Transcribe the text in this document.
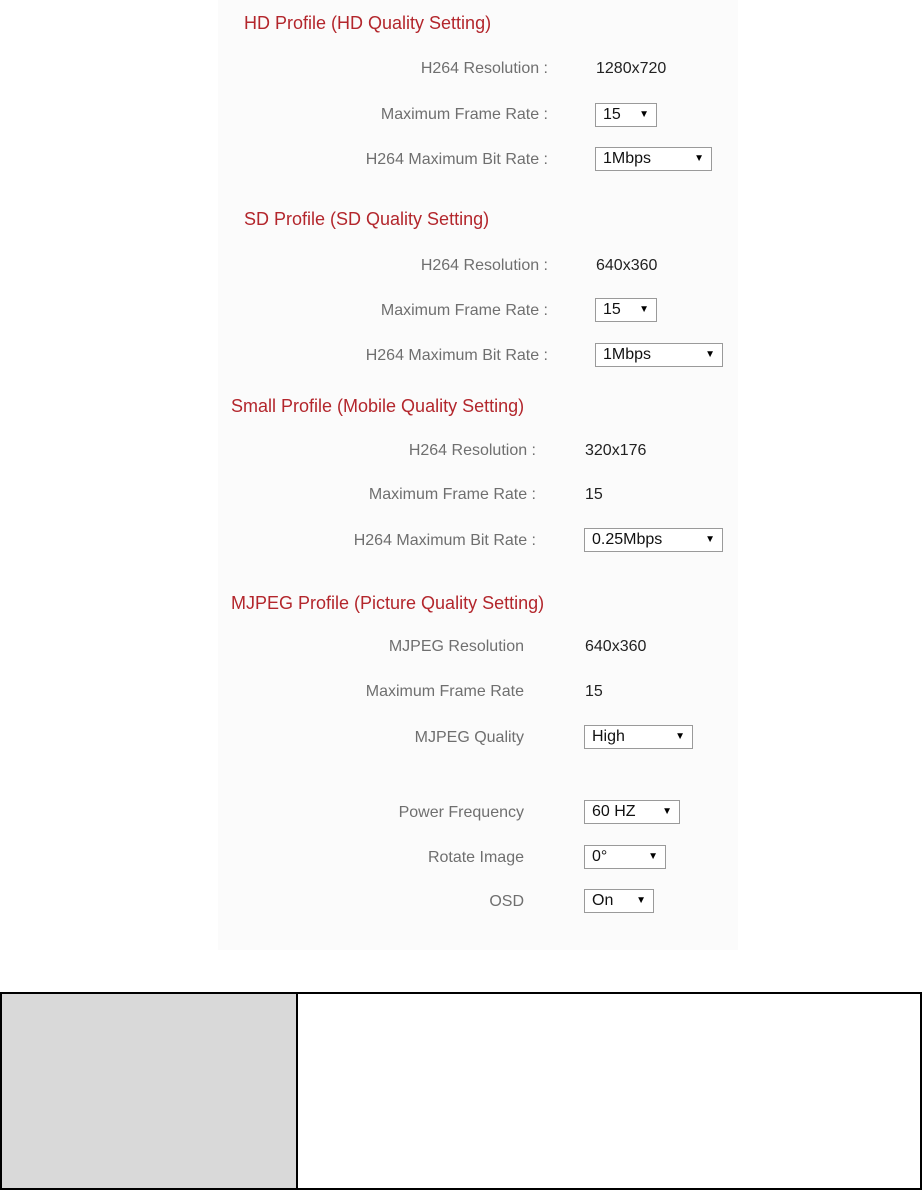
HD Profile (HD Quality Setting)
H264 Resolution :	1280x720
Maximum Frame Rate :	15 ▼
H264 Maximum Bit Rate :	1Mbps	▼
SD Profile (SD Quality Setting)
H264 Resolution :	640x360
Maximum Frame Rate :	15 ▼
H264 Maximum Bit Rate :	1Mbps	▼
Small Profile (Mobile Quality Setting)
H264 Resolution :	320x176
Maximum Frame Rate :	15
H264 Maximum Bit Rate :	0.25Mbps	▼
MJPEG Profile (Picture Quality Setting)
MJPEG Resolution	640x360
Maximum Frame Rate	15
MJPEG Quality	High	▼
Power Frequency	60 HZ	▼
Rotate Image	0°	▼
OSD	On ▼
